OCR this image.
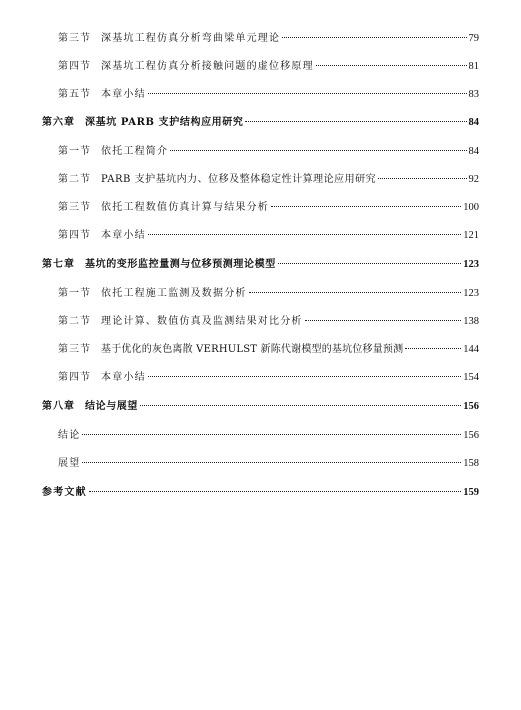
第三节 深基坑工程仿真分析弯曲梁单元理论	79
第四节 深基坑工程仿真分析接触问题的虚位移原理	81
第五节 本章小结	83
第六章 深基坑 PARB 支护结构应用研究	84
第一节 依托工程简介	84
第二节 PARB 支护基坑内力、位移及整体稳定性计算理论应用研究	92
第三节 依托工程数值仿真计算与结果分析	100
第四节 本章小结	121
第七章 基坑的变形监控量测与位移预测理论模型	123
第一节 依托工程施工监测及数据分析	123
第二节 理论计算、数值仿真及监测结果对比分析	138
第三节 基于优化的灰色离散 VERHULST 新陈代谢模型的基坑位移量预测	144
第四节 本章小结	154
第八章 结论与展望	156
结论	156
展望	158
参考文献	159
